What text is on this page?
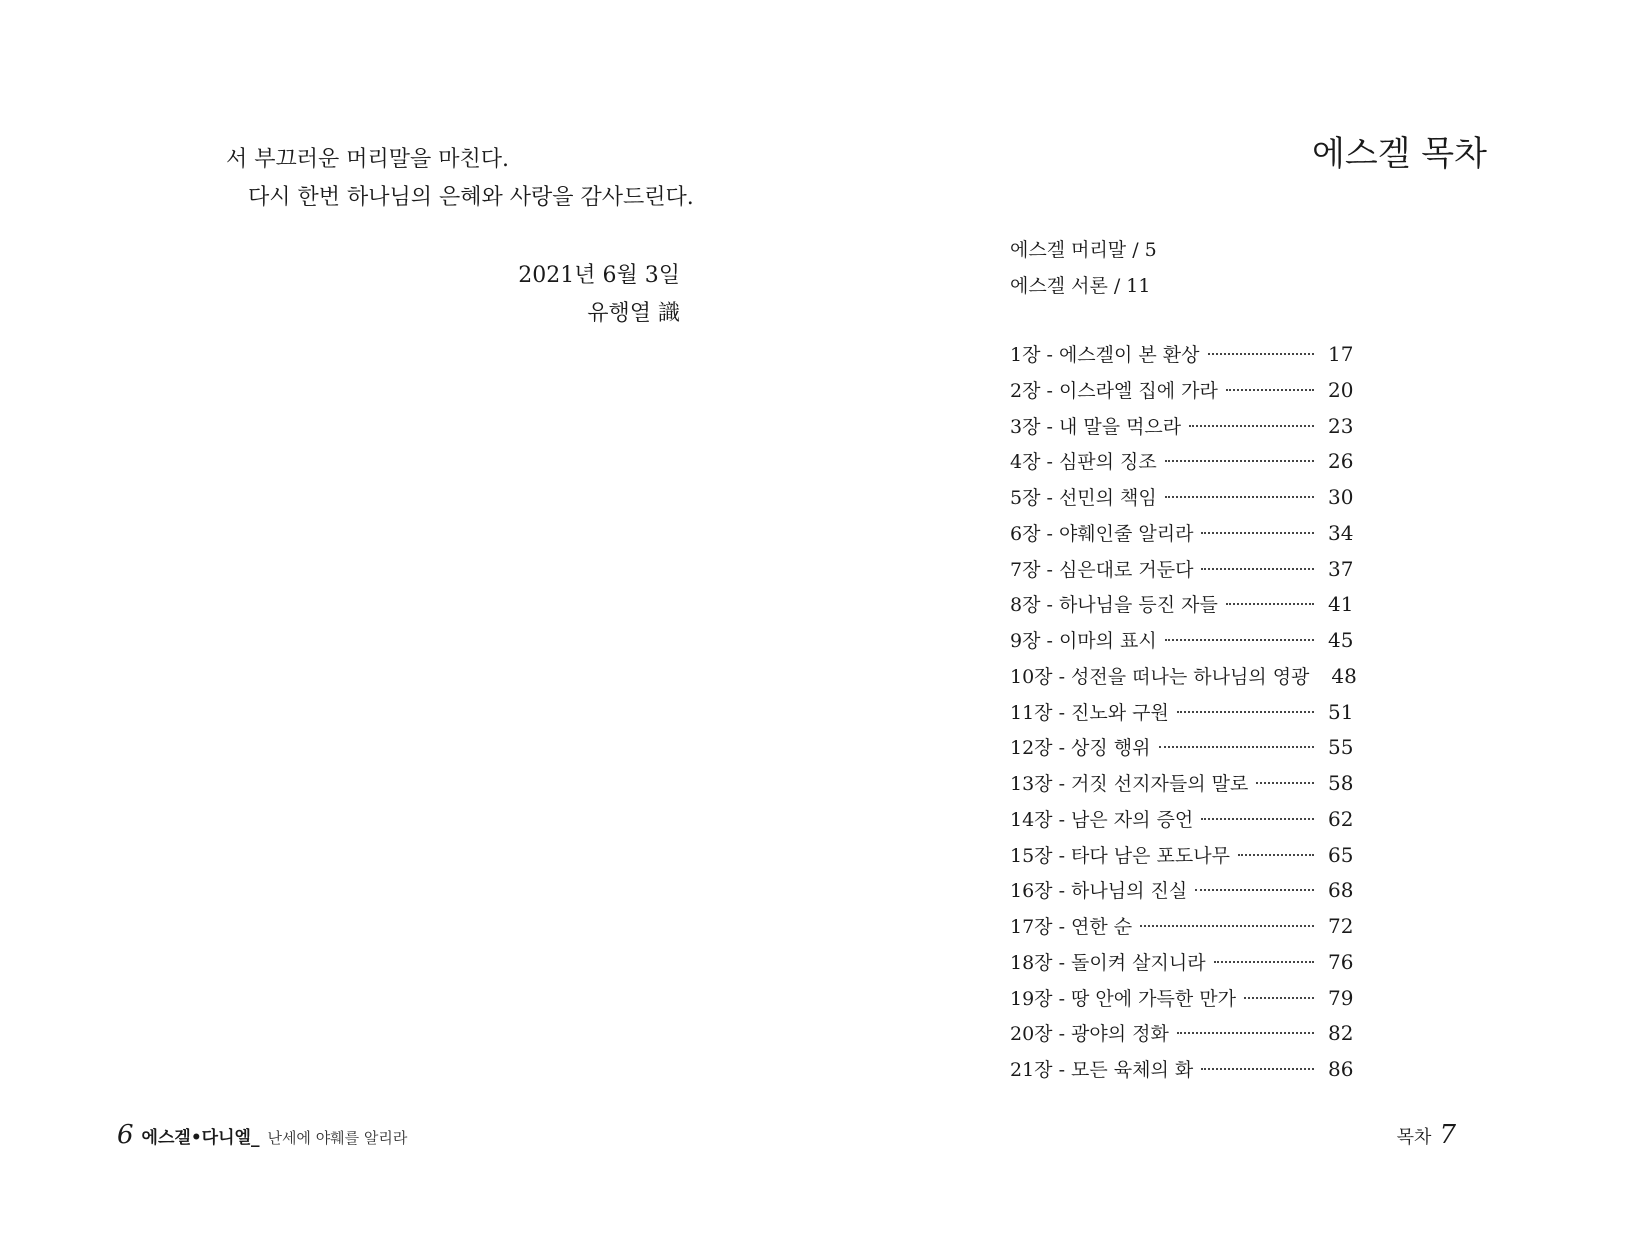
서 부끄러운 머리말을 마친다.
다시 한번 하나님의 은혜와 사랑을 감사드린다.
2021년 6월 3일
유행열 識
6 에스겔•다니엘_ 난세에 야훼를 알리라
에스겔 목차
에스겔 머리말 / 5
에스겔 서론 / 11
1장 - 에스겔이 본 환상	17
2장 - 이스라엘 집에 가라	20
3장 - 내 말을 먹으라	23
4장 - 심판의 징조	26
5장 - 선민의 책임	30
6장 - 야훼인줄 알리라	34
7장 - 심은대로 거둔다	37
8장 - 하나님을 등진 자들	41
9장 - 이마의 표시	45
10장 - 성전을 떠나는 하나님의 영광 48
11장 - 진노와 구원	51
12장 - 상징 행위	55
13장 - 거짓 선지자들의 말로	58
14장 - 남은 자의 증언	62
15장 - 타다 남은 포도나무	65
16장 - 하나님의 진실	68
17장 - 연한 순	72
18장 - 돌이켜 살지니라	76
19장 - 땅 안에 가득한 만가	79
20장 - 광야의 정화	82
21장 - 모든 육체의 화	86
목차 7
